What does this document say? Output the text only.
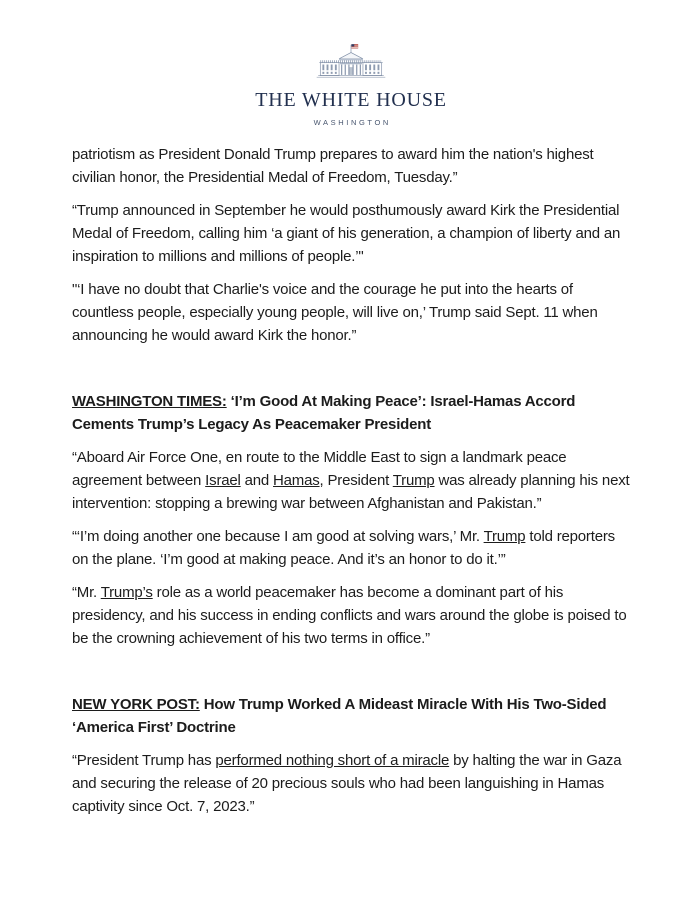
THE WHITE HOUSE
WASHINGTON

patriotism as President Donald Trump prepares to award him the nation's highest civilian honor, the Presidential Medal of Freedom, Tuesday.”

“Trump announced in September he would posthumously award Kirk the Presidential Medal of Freedom, calling him ‘a giant of his generation, a champion of liberty and an inspiration to millions and millions of people.’"

"‘I have no doubt that Charlie's voice and the courage he put into the hearts of countless people, especially young people, will live on,’ Trump said Sept. 11 when announcing he would award Kirk the honor.”

WASHINGTON TIMES: ‘I’m Good At Making Peace’: Israel-Hamas Accord Cements Trump’s Legacy As Peacemaker President

“Aboard Air Force One, en route to the Middle East to sign a landmark peace agreement between Israel and Hamas, President Trump was already planning his next intervention: stopping a brewing war between Afghanistan and Pakistan.”

“‘I’m doing another one because I am good at solving wars,’ Mr. Trump told reporters on the plane. ‘I’m good at making peace. And it’s an honor to do it.’”

“Mr. Trump’s role as a world peacemaker has become a dominant part of his presidency, and his success in ending conflicts and wars around the globe is poised to be the crowning achievement of his two terms in office.”

NEW YORK POST: How Trump Worked A Mideast Miracle With His Two-Sided ‘America First’ Doctrine

“President Trump has performed nothing short of a miracle by halting the war in Gaza and securing the release of 20 precious souls who had been languishing in Hamas captivity since Oct. 7, 2023.”
